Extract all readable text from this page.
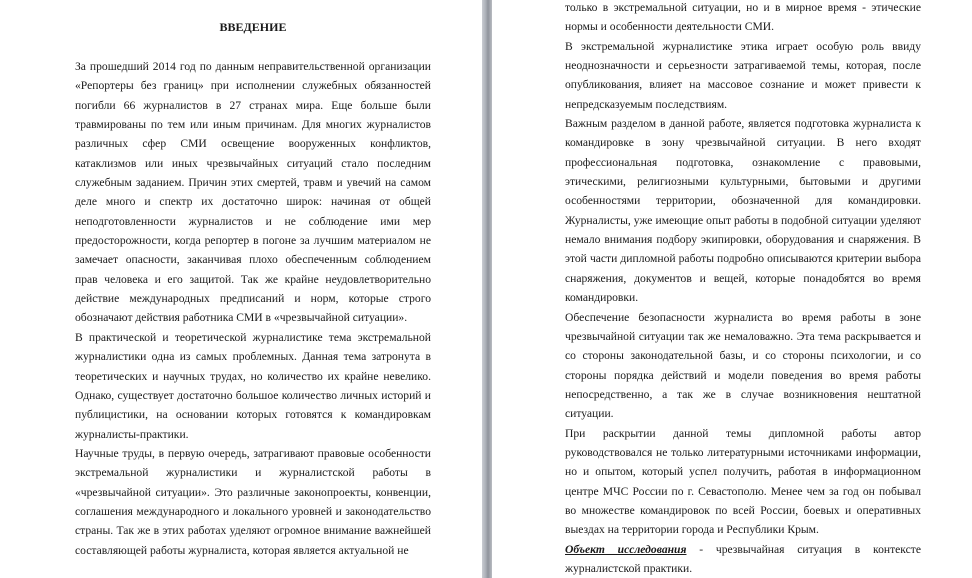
ВВЕДЕНИЕ

За прошедший 2014 год по данным неправительственной организации «Репортеры без границ» при исполнении служебных обязанностей погибли 66 журналистов в 27 странах мира. Еще больше были травмированы по тем или иным причинам. Для многих журналистов различных сфер СМИ освещение вооруженных конфликтов, катаклизмов или иных чрезвычайных ситуаций стало последним служебным заданием. Причин этих смертей, травм и увечий на самом деле много и спектр их достаточно широк: начиная от общей неподготовленности журналистов и не соблюдение ими мер предосторожности, когда репортер в погоне за лучшим материалом не замечает опасности, заканчивая плохо обеспеченным соблюдением прав человека и его защитой. Так же крайне неудовлетворительно действие международных предписаний и норм, которые строго обозначают действия работника СМИ в «чрезвычайной ситуации».

В практической и теоретической журналистике тема экстремальной журналистики одна из самых проблемных. Данная тема затронута в теоретических и научных трудах, но количество их крайне невелико. Однако, существует достаточно большое количество личных историй и публицистики, на основании которых готовятся к командировкам журналисты-практики.

Научные труды, в первую очередь, затрагивают правовые особенности экстремальной журналистики и журналистской работы в «чрезвычайной ситуации». Это различные законопроекты, конвенции, соглашения международного и локального уровней и законодательство страны. Так же в этих работах уделяют огромное внимание важнейшей составляющей работы журналиста, которая является актуальной не

только в экстремальной ситуации, но и в мирное время - этические нормы и особенности деятельности СМИ.

В экстремальной журналистике этика играет особую роль ввиду неоднозначности и серьезности затрагиваемой темы, которая, после опубликования, влияет на массовое сознание и может привести к непредсказуемым последствиям.

Важным разделом в данной работе, является подготовка журналиста к командировке в зону чрезвычайной ситуации. В него входят профессиональная подготовка, ознакомление с правовыми, этическими, религиозными культурными, бытовыми и другими особенностями территории, обозначенной для командировки. Журналисты, уже имеющие опыт работы в подобной ситуации уделяют немало внимания подбору экипировки, оборудования и снаряжения. В этой части дипломной работы подробно описываются критерии выбора снаряжения, документов и вещей, которые понадобятся во время командировки.

Обеспечение безопасности журналиста во время работы в зоне чрезвычайной ситуации так же немаловажно. Эта тема раскрывается и со стороны законодательной базы, и со стороны психологии, и со стороны порядка действий и модели поведения во время работы непосредственно, а так же в случае возникновения нештатной ситуации.

При раскрытии данной темы дипломной работы автор руководствовался не только литературными источниками информации, но и опытом, который успел получить, работая в информационном центре МЧС России по г. Севастополю. Менее чем за год он побывал во множестве командировок по всей России, боевых и оперативных выездах на территории города и Республики Крым.

Объект исследования - чрезвычайная ситуация в контексте журналистской практики.
